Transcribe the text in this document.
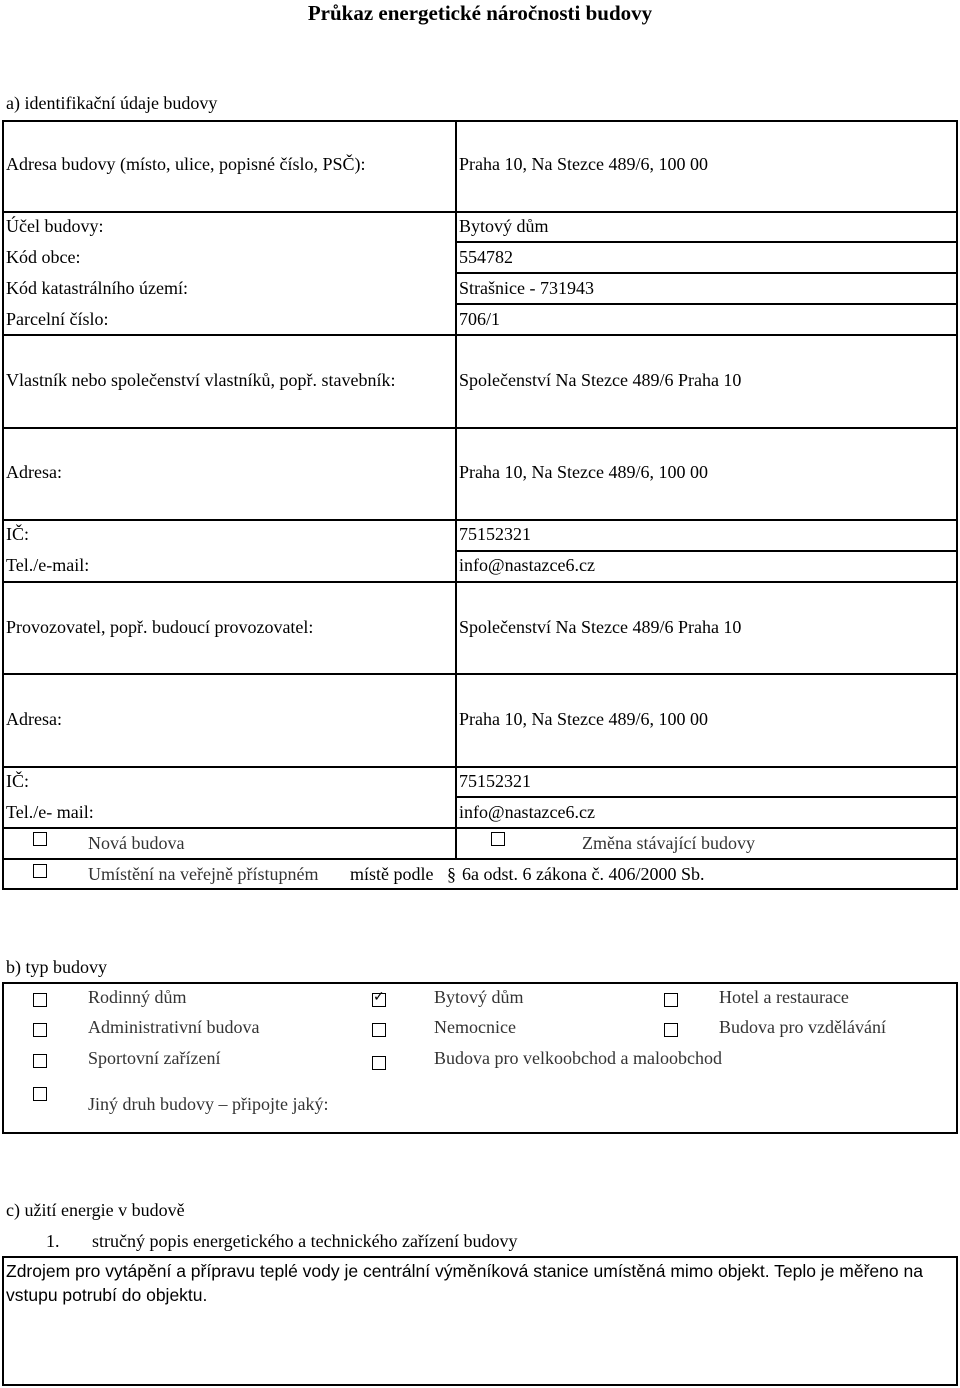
Průkaz energetické náročnosti budovy
a) identifikační údaje budovy
Adresa budovy (místo, ulice, popisné číslo, PSČ):	Praha 10, Na Stezce 489/6, 100 00
Účel budovy:	Bytový dům
Kód obce:	554782
Kód katastrálního území:	Strašnice - 731943
Parcelní číslo:	706/1
Vlastník nebo společenství vlastníků, popř. stavebník:	Společenství Na Stezce 489/6 Praha 10
Adresa:	Praha 10, Na Stezce 489/6, 100 00
IČ:	75152321
Tel./e-mail:	info@nastazce6.cz
Provozovatel, popř. budoucí provozovatel:	Společenství Na Stezce 489/6 Praha 10
Adresa:	Praha 10, Na Stezce 489/6, 100 00
IČ:	75152321
Tel./e- mail:	info@nastazce6.cz
Nová budova	Změna stávající budovy
Umístění na veřejně přístupném místě podle § 6a odst. 6 zákona č. 406/2000 Sb.
b) typ budovy
Rodinný dům ✓	Bytový dům	Hotel a restaurace
Administrativní budova	Nemocnice	Budova pro vzdělávání
Sportovní zařízení	Budova pro velkoobchod a maloobchod
Jiný druh budovy – připojte jaký:
c) užití energie v budově
1. stručný popis energetického a technického zařízení budovy
Zdrojem pro vytápění a přípravu teplé vody je centrální výměníková stanice umístěná mimo objekt. Teplo je měřeno na vstupu potrubí do objektu.
